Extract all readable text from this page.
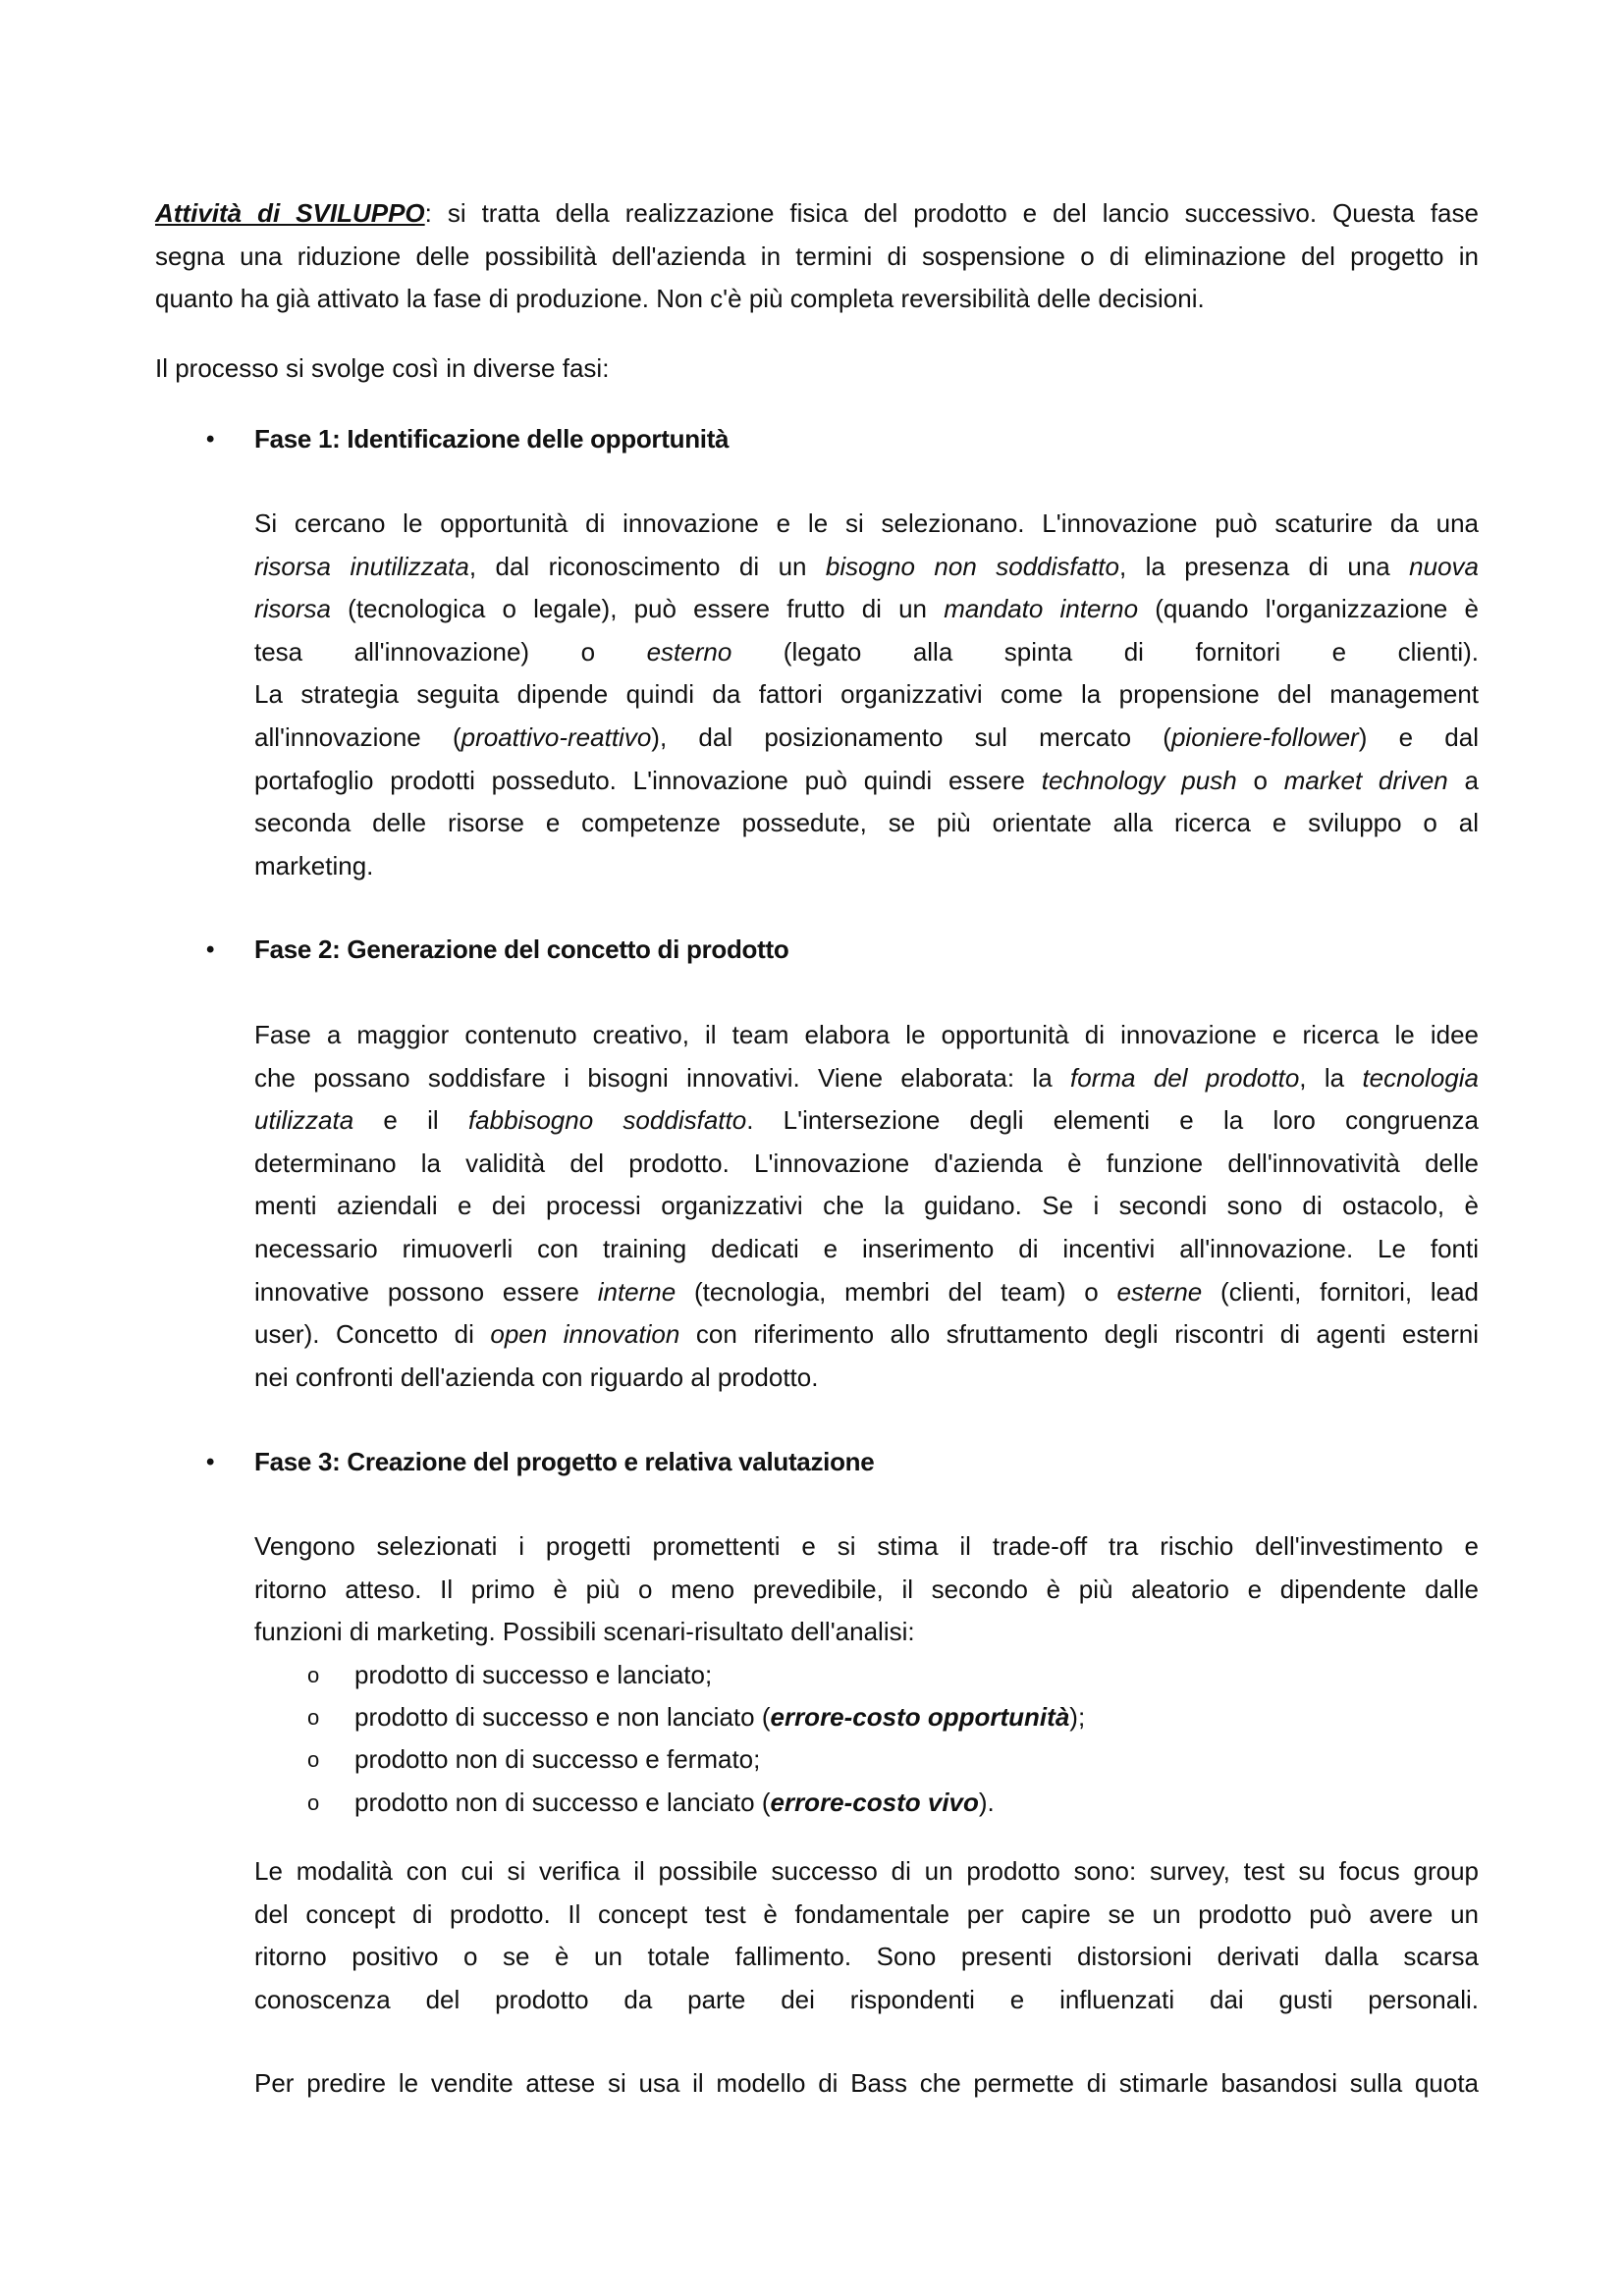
Attività di SVILUPPO: si tratta della realizzazione fisica del prodotto e del lancio successivo. Questa fase
segna una riduzione delle possibilità dell'azienda in termini di sospensione o di eliminazione del progetto in
quanto ha già attivato la fase di produzione. Non c'è più completa reversibilità delle decisioni.
Il processo si svolge così in diverse fasi:
• Fase 1: Identificazione delle opportunità
Si cercano le opportunità di innovazione e le si selezionano. L'innovazione può scaturire da una
risorsa inutilizzata, dal riconoscimento di un bisogno non soddisfatto, la presenza di una nuova
risorsa (tecnologica o legale), può essere frutto di un mandato interno (quando l'organizzazione è
tesa all'innovazione) o esterno (legato alla spinta di fornitori e clienti).
La strategia seguita dipende quindi da fattori organizzativi come la propensione del management
all'innovazione (proattivo-reattivo), dal posizionamento sul mercato (pioniere-follower) e dal
portafoglio prodotti posseduto. L'innovazione può quindi essere technology push o market driven a
seconda delle risorse e competenze possedute, se più orientate alla ricerca e sviluppo o al
marketing.
• Fase 2: Generazione del concetto di prodotto
Fase a maggior contenuto creativo, il team elabora le opportunità di innovazione e ricerca le idee
che possano soddisfare i bisogni innovativi. Viene elaborata: la forma del prodotto, la tecnologia
utilizzata e il fabbisogno soddisfatto. L'intersezione degli elementi e la loro congruenza
determinano la validità del prodotto. L'innovazione d'azienda è funzione dell'innovatività delle
menti aziendali e dei processi organizzativi che la guidano. Se i secondi sono di ostacolo, è
necessario rimuoverli con training dedicati e inserimento di incentivi all'innovazione. Le fonti
innovative possono essere interne (tecnologia, membri del team) o esterne (clienti, fornitori, lead
user). Concetto di open innovation con riferimento allo sfruttamento degli riscontri di agenti esterni
nei confronti dell'azienda con riguardo al prodotto.
• Fase 3: Creazione del progetto e relativa valutazione
Vengono selezionati i progetti promettenti e si stima il trade-off tra rischio dell'investimento e
ritorno atteso. Il primo è più o meno prevedibile, il secondo è più aleatorio e dipendente dalle
funzioni di marketing. Possibili scenari-risultato dell'analisi:
o prodotto di successo e lanciato;
o prodotto di successo e non lanciato (errore-costo opportunità);
o prodotto non di successo e fermato;
o prodotto non di successo e lanciato (errore-costo vivo).
Le modalità con cui si verifica il possibile successo di un prodotto sono: survey, test su focus group
del concept di prodotto. Il concept test è fondamentale per capire se un prodotto può avere un
ritorno positivo o se è un totale fallimento. Sono presenti distorsioni derivati dalla scarsa
conoscenza del prodotto da parte dei rispondenti e influenzati dai gusti personali.
Per predire le vendite attese si usa il modello di Bass che permette di stimarle basandosi sulla quota
